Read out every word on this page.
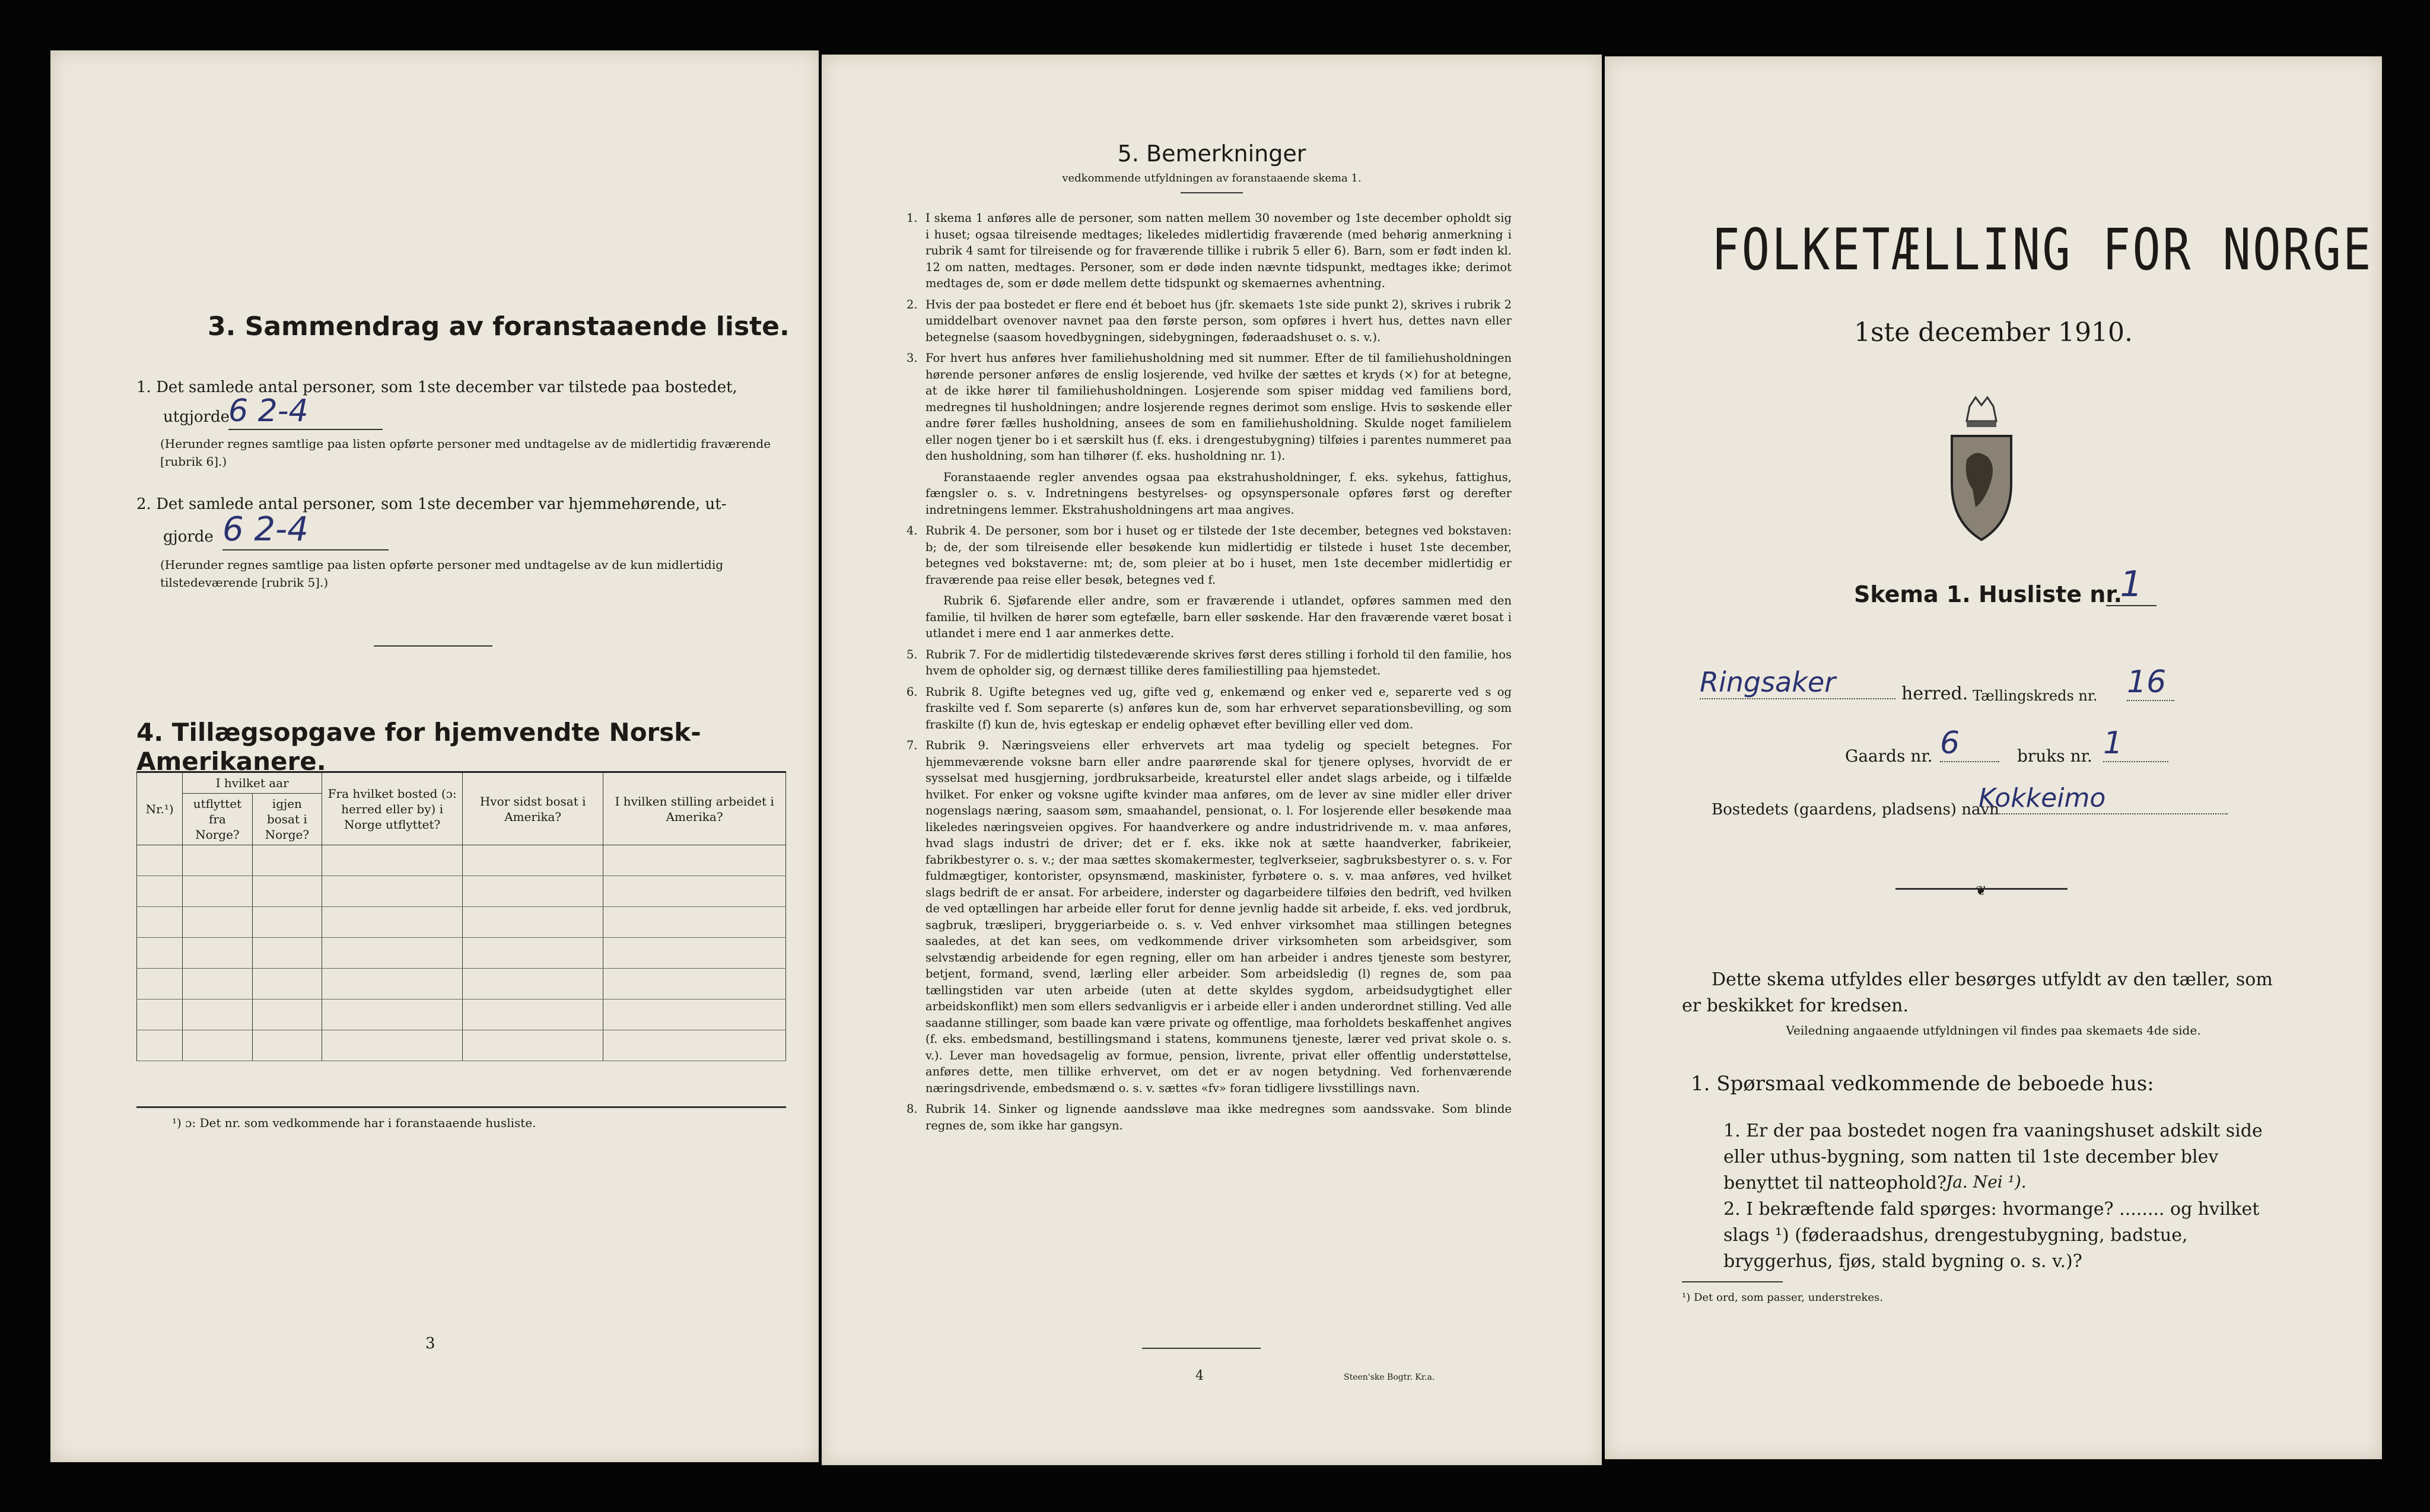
3. Sammendrag av foranstaaende liste.
1. Det samlede antal personer, som 1ste december var tilstede paa bostedet,
utgjorde
6 2-4
(Herunder regnes samtlige paa listen opførte personer med undtagelse av de midlertidig fraværende [rubrik 6].)
2. Det samlede antal personer, som 1ste december var hjemmehørende, ut-
gjorde 6 2-4
(Herunder regnes samtlige paa listen opførte personer med undtagelse av de kun midlertidig tilstedeværende [rubrik 5].)
4. Tillægsopgave for hjemvendte Norsk-Amerikanere.
Nr.¹)	I hvilket aar		Fra hvilket bosted (ɔ: herred eller by) i Norge utflyttet?	Hvor sidst bosat i Amerika?	I hvilken stilling arbeidet i Amerika?
	utflyttet fra Norge?	igjen bosat i Norge?			

¹) ɔ: Det nr. som vedkommende har i foranstaaende husliste.
3
5. Bemerkninger
vedkommende utfyldningen av foranstaaende skema 1.
1. I skema 1 anføres alle de personer, som natten mellem 30 november og 1ste december opholdt sig i huset; ogsaa tilreisende medtages; likeledes midlertidig fraværende (med behørig anmerkning i rubrik 4 samt for tilreisende og for fraværende tillike i rubrik 5 eller 6). Barn, som er født inden kl. 12 om natten, medtages. Personer, som er døde inden nævnte tidspunkt, medtages ikke; derimot medtages de, som er døde mellem dette tidspunkt og skemaernes avhentning.

2. Hvis der paa bostedet er flere end ét beboet hus (jfr. skemaets 1ste side punkt 2), skrives i rubrik 2 umiddelbart ovenover navnet paa den første person, som opføres i hvert hus, dettes navn eller betegnelse (saasom hovedbygningen, sidebygningen, føderaadshuset o. s. v.).

3. For hvert hus anføres hver familiehusholdning med sit nummer. Efter de til familiehusholdningen hørende personer anføres de enslig losjerende, ved hvilke der sættes et kryds (×) for at betegne, at de ikke hører til familiehusholdningen. Losjerende som spiser middag ved familiens bord, medregnes til husholdningen; andre losjerende regnes derimot som enslige. Hvis to søskende eller andre fører fælles husholdning, ansees de som en familiehusholdning. Skulde noget familielem eller nogen tjener bo i et særskilt hus (f. eks. i drengestubygning) tilføies i parentes nummeret paa den husholdning, som han tilhører (f. eks. husholdning nr. 1).

Foranstaaende regler anvendes ogsaa paa ekstrahusholdninger, f. eks. sykehus, fattighus, fængsler o. s. v. Indretningens bestyrelses- og opsynspersonale opføres først og derefter indretningens lemmer. Ekstrahusholdningens art maa angives.

4. Rubrik 4. De personer, som bor i huset og er tilstede der 1ste december, betegnes ved bokstaven: b; de, der som tilreisende eller besøkende kun midlertidig er tilstede i huset 1ste december, betegnes ved bokstaverne: mt; de, som pleier at bo i huset, men 1ste december midlertidig er fraværende paa reise eller besøk, betegnes ved f.

Rubrik 6. Sjøfarende eller andre, som er fraværende i utlandet, opføres sammen med den familie, til hvilken de hører som egtefælle, barn eller søskende. Har den fraværende været bosat i utlandet i mere end 1 aar anmerkes dette.

5. Rubrik 7. For de midlertidig tilstedeværende skrives først deres stilling i forhold til den familie, hos hvem de opholder sig, og dernæst tillike deres familiestilling paa hjemstedet.

6. Rubrik 8. Ugifte betegnes ved ug, gifte ved g, enkemænd og enker ved e, separerte ved s og fraskilte ved f. Som separerte (s) anføres kun de, som har erhvervet separationsbevilling, og som fraskilte (f) kun de, hvis egteskap er endelig ophævet efter bevilling eller ved dom.

7. Rubrik 9. Næringsveiens eller erhvervets art maa tydelig og specielt betegnes. For hjemmeværende voksne barn eller andre paarørende skal for tjenere oplyses, hvorvidt de er sysselsat med husgjerning, jordbruksarbeide, kreaturstel eller andet slags arbeide, og i tilfælde hvilket. For enker og voksne ugifte kvinder maa anføres, om de lever av sine midler eller driver nogenslags næring, saasom søm, smaahandel, pensionat, o. l. For losjerende eller besøkende maa likeledes næringsveien opgives. For haandverkere og andre industridrivende m. v. maa anføres, hvad slags industri de driver; det er f. eks. ikke nok at sætte haandverker, fabrikeier, fabrikbestyrer o. s. v.; der maa sættes skomakermester, teglverkseier, sagbruksbestyrer o. s. v. For fuldmægtiger, kontorister, opsynsmænd, maskinister, fyrbøtere o. s. v. maa anføres, ved hvilket slags bedrift de er ansat. For arbeidere, inderster og dagarbeidere tilføies den bedrift, ved hvilken de ved optællingen har arbeide eller forut for denne jevnlig hadde sit arbeide, f. eks. ved jordbruk, sagbruk, træsliperi, bryggeriarbeide o. s. v. Ved enhver virksomhet maa stillingen betegnes saaledes, at det kan sees, om vedkommende driver virksomheten som arbeidsgiver, som selvstændig arbeidende for egen regning, eller om han arbeider i andres tjeneste som bestyrer, betjent, formand, svend, lærling eller arbeider. Som arbeidsledig (l) regnes de, som paa tællingstiden var uten arbeide (uten at dette skyldes sygdom, arbeidsudygtighet eller arbeidskonflikt) men som ellers sedvanligvis er i arbeide eller i anden underordnet stilling. Ved alle saadanne stillinger, som baade kan være private og offentlige, maa forholdets beskaffenhet angives (f. eks. embedsmand, bestillingsmand i statens, kommunens tjeneste, lærer ved privat skole o. s. v.). Lever man hovedsagelig av formue, pension, livrente, privat eller offentlig understøttelse, anføres dette, men tillike erhvervet, om det er av nogen betydning. Ved forhenværende næringsdrivende, embedsmænd o. s. v. sættes «fv» foran tidligere livsstillings navn.

8. Rubrik 14. Sinker og lignende aandssløve maa ikke medregnes som aandssvake. Som blinde regnes de, som ikke har gangsyn.

4	Steen'ske Bogtr. Kr.a.
FOLKETÆLLING FOR NORGE
1ste december 1910.
Skema 1. Husliste nr.
1
Ringsaker	herred. Tællingskreds nr. 16
Gaards nr. 6	bruks nr. 1
Bostedets (gaardens, pladsens) navn
Kokkeimo
❦
Dette skema utfyldes eller besørges utfyldt av den tæller, som er beskikket for kredsen.
Veiledning angaaende utfyldningen vil findes paa skemaets 4de side.
1. Spørsmaal vedkommende de beboede hus:
1. Er der paa bostedet nogen fra vaaningshuset adskilt side eller uthus-bygning, som natten til 1ste december blev benyttet til natteophold?
Ja. Nei ¹).
2. I bekræftende fald spørges: hvormange? ........ og hvilket slags ¹) (føderaadshus, drengestubygning, badstue, bryggerhus, fjøs, stald bygning o. s. v.)?
¹) Det ord, som passer, understrekes.
